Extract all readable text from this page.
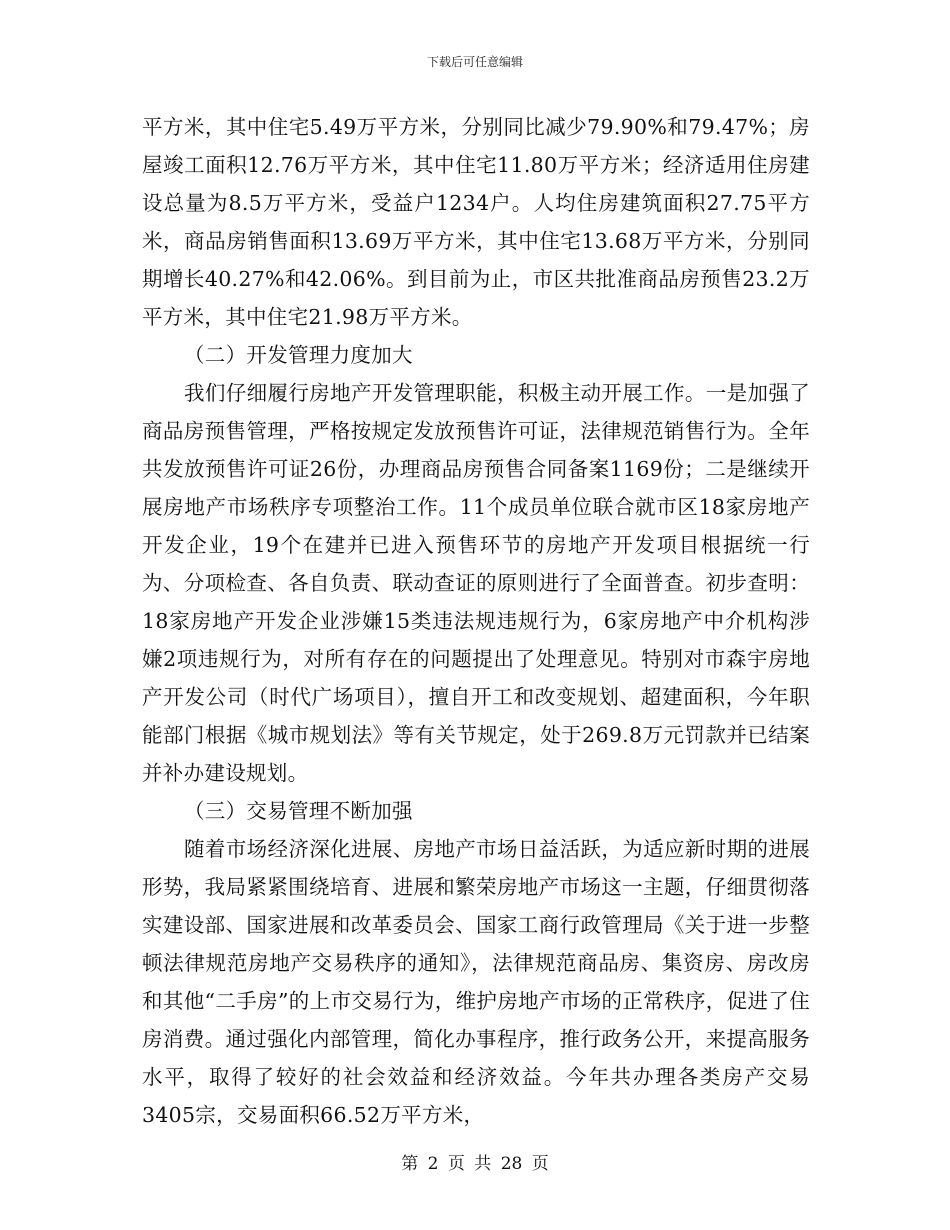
下载后可任意编辑

平方米，其中住宅5.49万平方米，分别同比减少79.90%和79.47%；房屋竣工面积12.76万平方米，其中住宅11.80万平方米；经济适用住房建设总量为8.5万平方米，受益户1234户。人均住房建筑面积27.75平方米，商品房销售面积13.69万平方米，其中住宅13.68万平方米，分别同期增长40.27%和42.06%。到目前为止，市区共批准商品房预售23.2万平方米，其中住宅21.98万平方米。

（二）开发管理力度加大

我们仔细履行房地产开发管理职能，积极主动开展工作。一是加强了商品房预售管理，严格按规定发放预售许可证，法律规范销售行为。全年共发放预售许可证26份，办理商品房预售合同备案1169份；二是继续开展房地产市场秩序专项整治工作。11个成员单位联合就市区18家房地产开发企业，19个在建并已进入预售环节的房地产开发项目根据统一行为、分项检查、各自负责、联动查证的原则进行了全面普查。初步查明：18家房地产开发企业涉嫌15类违法规违规行为，6家房地产中介机构涉嫌2项违规行为，对所有存在的问题提出了处理意见。特别对市森宇房地产开发公司（时代广场项目），擅自开工和改变规划、超建面积，今年职能部门根据《城市规划法》等有关节规定，处于269.8万元罚款并已结案并补办建设规划。

（三）交易管理不断加强

随着市场经济深化进展、房地产市场日益活跃，为适应新时期的进展形势，我局紧紧围绕培育、进展和繁荣房地产市场这一主题，仔细贯彻落实建设部、国家进展和改革委员会、国家工商行政管理局《关于进一步整顿法律规范房地产交易秩序的通知》，法律规范商品房、集资房、房改房和其他“二手房”的上市交易行为，维护房地产市场的正常秩序，促进了住房消费。通过强化内部管理，简化办事程序，推行政务公开，来提高服务水平，取得了较好的社会效益和经济效益。今年共办理各类房产交易3405宗，交易面积66.52万平方米，

第 2 页 共 28 页
